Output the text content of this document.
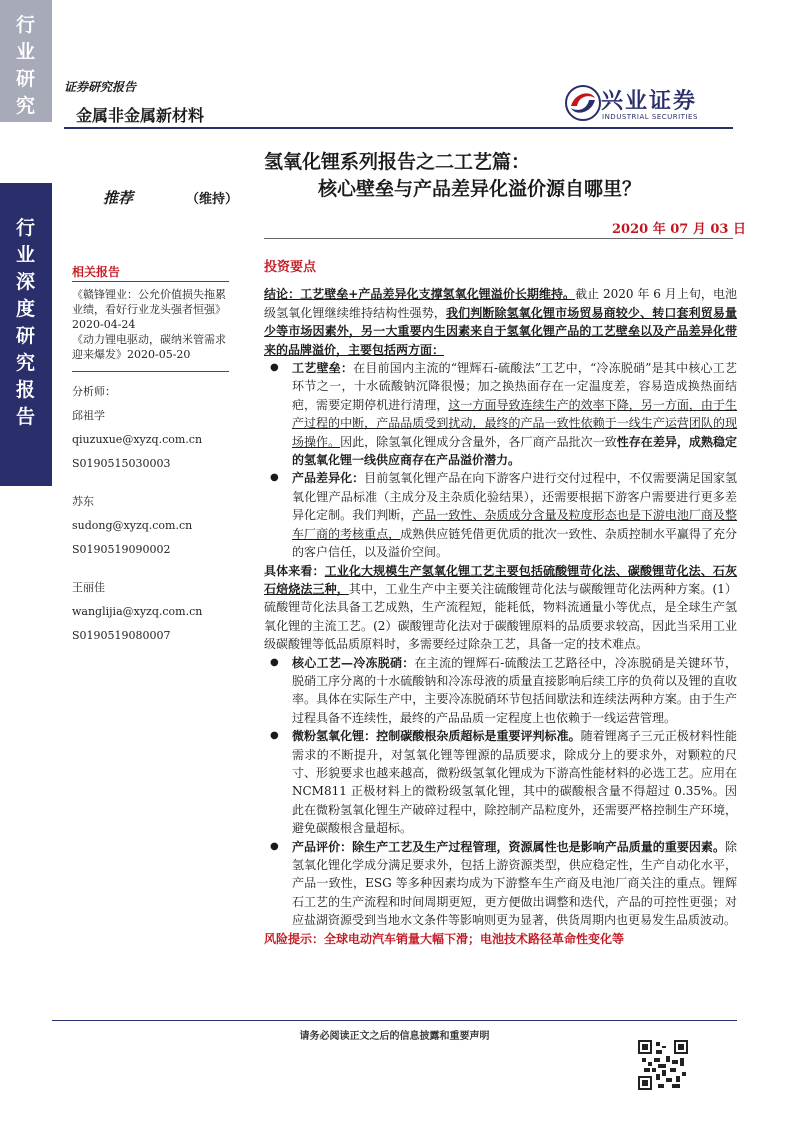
行
业
研
究
行
业
深
度
研
究
报
告
证券研究报告
金属非金属新材料
兴业证券
INDUSTRIAL SECURITIES
氢氧化锂系列报告之二工艺篇：
核心壁垒与产品差异化溢价源自哪里？
推荐	（维持）
2020 年 07 月 03 日
相关报告
《赣锋锂业：公允价值损失拖累业绩，看好行业龙头强者恒强》
2020-04-24
《动力锂电驱动，碳纳米管需求迎来爆发》2020-05-20
分析师：
邱祖学
qiuzuxue@xyzq.com.cn
S0190515030003
苏东
sudong@xyzq.com.cn
S0190519090002
王丽佳
wanglijia@xyzq.com.cn
S0190519080007

投资要点

结论：工艺壁垒+产品差异化支撑氢氧化锂溢价长期维持。截止 2020 年 6 月上旬，电池级氢氧化锂继续维持结构性强势，我们判断除氢氧化锂市场贸易商较少、转口套利贸易量少等市场因素外，另一大重要内生因素来自于氢氧化锂产品的工艺壁垒以及产品差异化带来的品牌溢价，主要包括两方面：

● 工艺壁垒：在目前国内主流的“锂辉石-硫酸法”工艺中，“冷冻脱硝”是其中核心工艺环节之一，十水硫酸钠沉降很慢；加之换热面存在一定温度差，容易造成换热面结疤，需要定期停机进行清理，这一方面导致连续生产的效率下降，另一方面，由于生产过程的中断，产品品质受到扰动，最终的产品一致性依赖于一线生产运营团队的现场操作。因此，除氢氧化锂成分含量外，各厂商产品批次一致性存在差异，成熟稳定的氢氧化锂一线供应商存在产品溢价潜力。

● 产品差异化：目前氢氧化锂产品在向下游客户进行交付过程中，不仅需要满足国家氢氧化锂产品标准（主成分及主杂质化验结果），还需要根据下游客户需要进行更多差异化定制。我们判断，产品一致性、杂质成分含量及粒度形态也是下游电池厂商及整车厂商的考核重点，成熟供应链凭借更优质的批次一致性、杂质控制水平赢得了充分的客户信任，以及溢价空间。

具体来看：工业化大规模生产氢氧化锂工艺主要包括硫酸锂苛化法、碳酸锂苛化法、石灰石焙烧法三种，其中，工业生产中主要关注硫酸锂苛化法与碳酸锂苛化法两种方案。(1）硫酸锂苛化法具备工艺成熟，生产流程短，能耗低，物料流通量小等优点，是全球生产氢氧化锂的主流工艺。(2）碳酸锂苛化法对于碳酸锂原料的品质要求较高，因此当采用工业级碳酸锂等低品质原料时，多需要经过除杂工艺，具备一定的技术难点。

● 核心工艺—冷冻脱硝：在主流的锂辉石-硫酸法工艺路径中，冷冻脱硝是关键环节，脱硝工序分离的十水硫酸钠和冷冻母液的质量直接影响后续工序的负荷以及锂的直收率。具体在实际生产中，主要冷冻脱硝环节包括间歇法和连续法两种方案。由于生产过程具备不连续性，最终的产品品质一定程度上也依赖于一线运营管理。

● 微粉氢氧化锂：控制碳酸根杂质超标是重要评判标准。随着锂离子三元正极材料性能需求的不断提升，对氢氧化锂等锂源的品质要求，除成分上的要求外，对颗粒的尺寸、形貌要求也越来越高，微粉级氢氧化锂成为下游高性能材料的必选工艺。应用在 NCM811 正极材料上的微粉级氢氧化锂，其中的碳酸根含量不得超过 0.35%。因此在微粉氢氧化锂生产破碎过程中，除控制产品粒度外，还需要严格控制生产环境，避免碳酸根含量超标。

● 产品评价：除生产工艺及生产过程管理，资源属性也是影响产品质量的重要因素。除氢氧化锂化学成分满足要求外，包括上游资源类型，供应稳定性，生产自动化水平，产品一致性，ESG 等多种因素均成为下游整车生产商及电池厂商关注的重点。锂辉石工艺的生产流程和时间周期更短，更方便做出调整和迭代，产品的可控性更强；对应盐湖资源受到当地水文条件等影响则更为显著，供货周期内也更易发生品质波动。

风险提示：全球电动汽车销量大幅下滑；电池技术路径革命性变化等

请务必阅读正文之后的信息披露和重要声明
